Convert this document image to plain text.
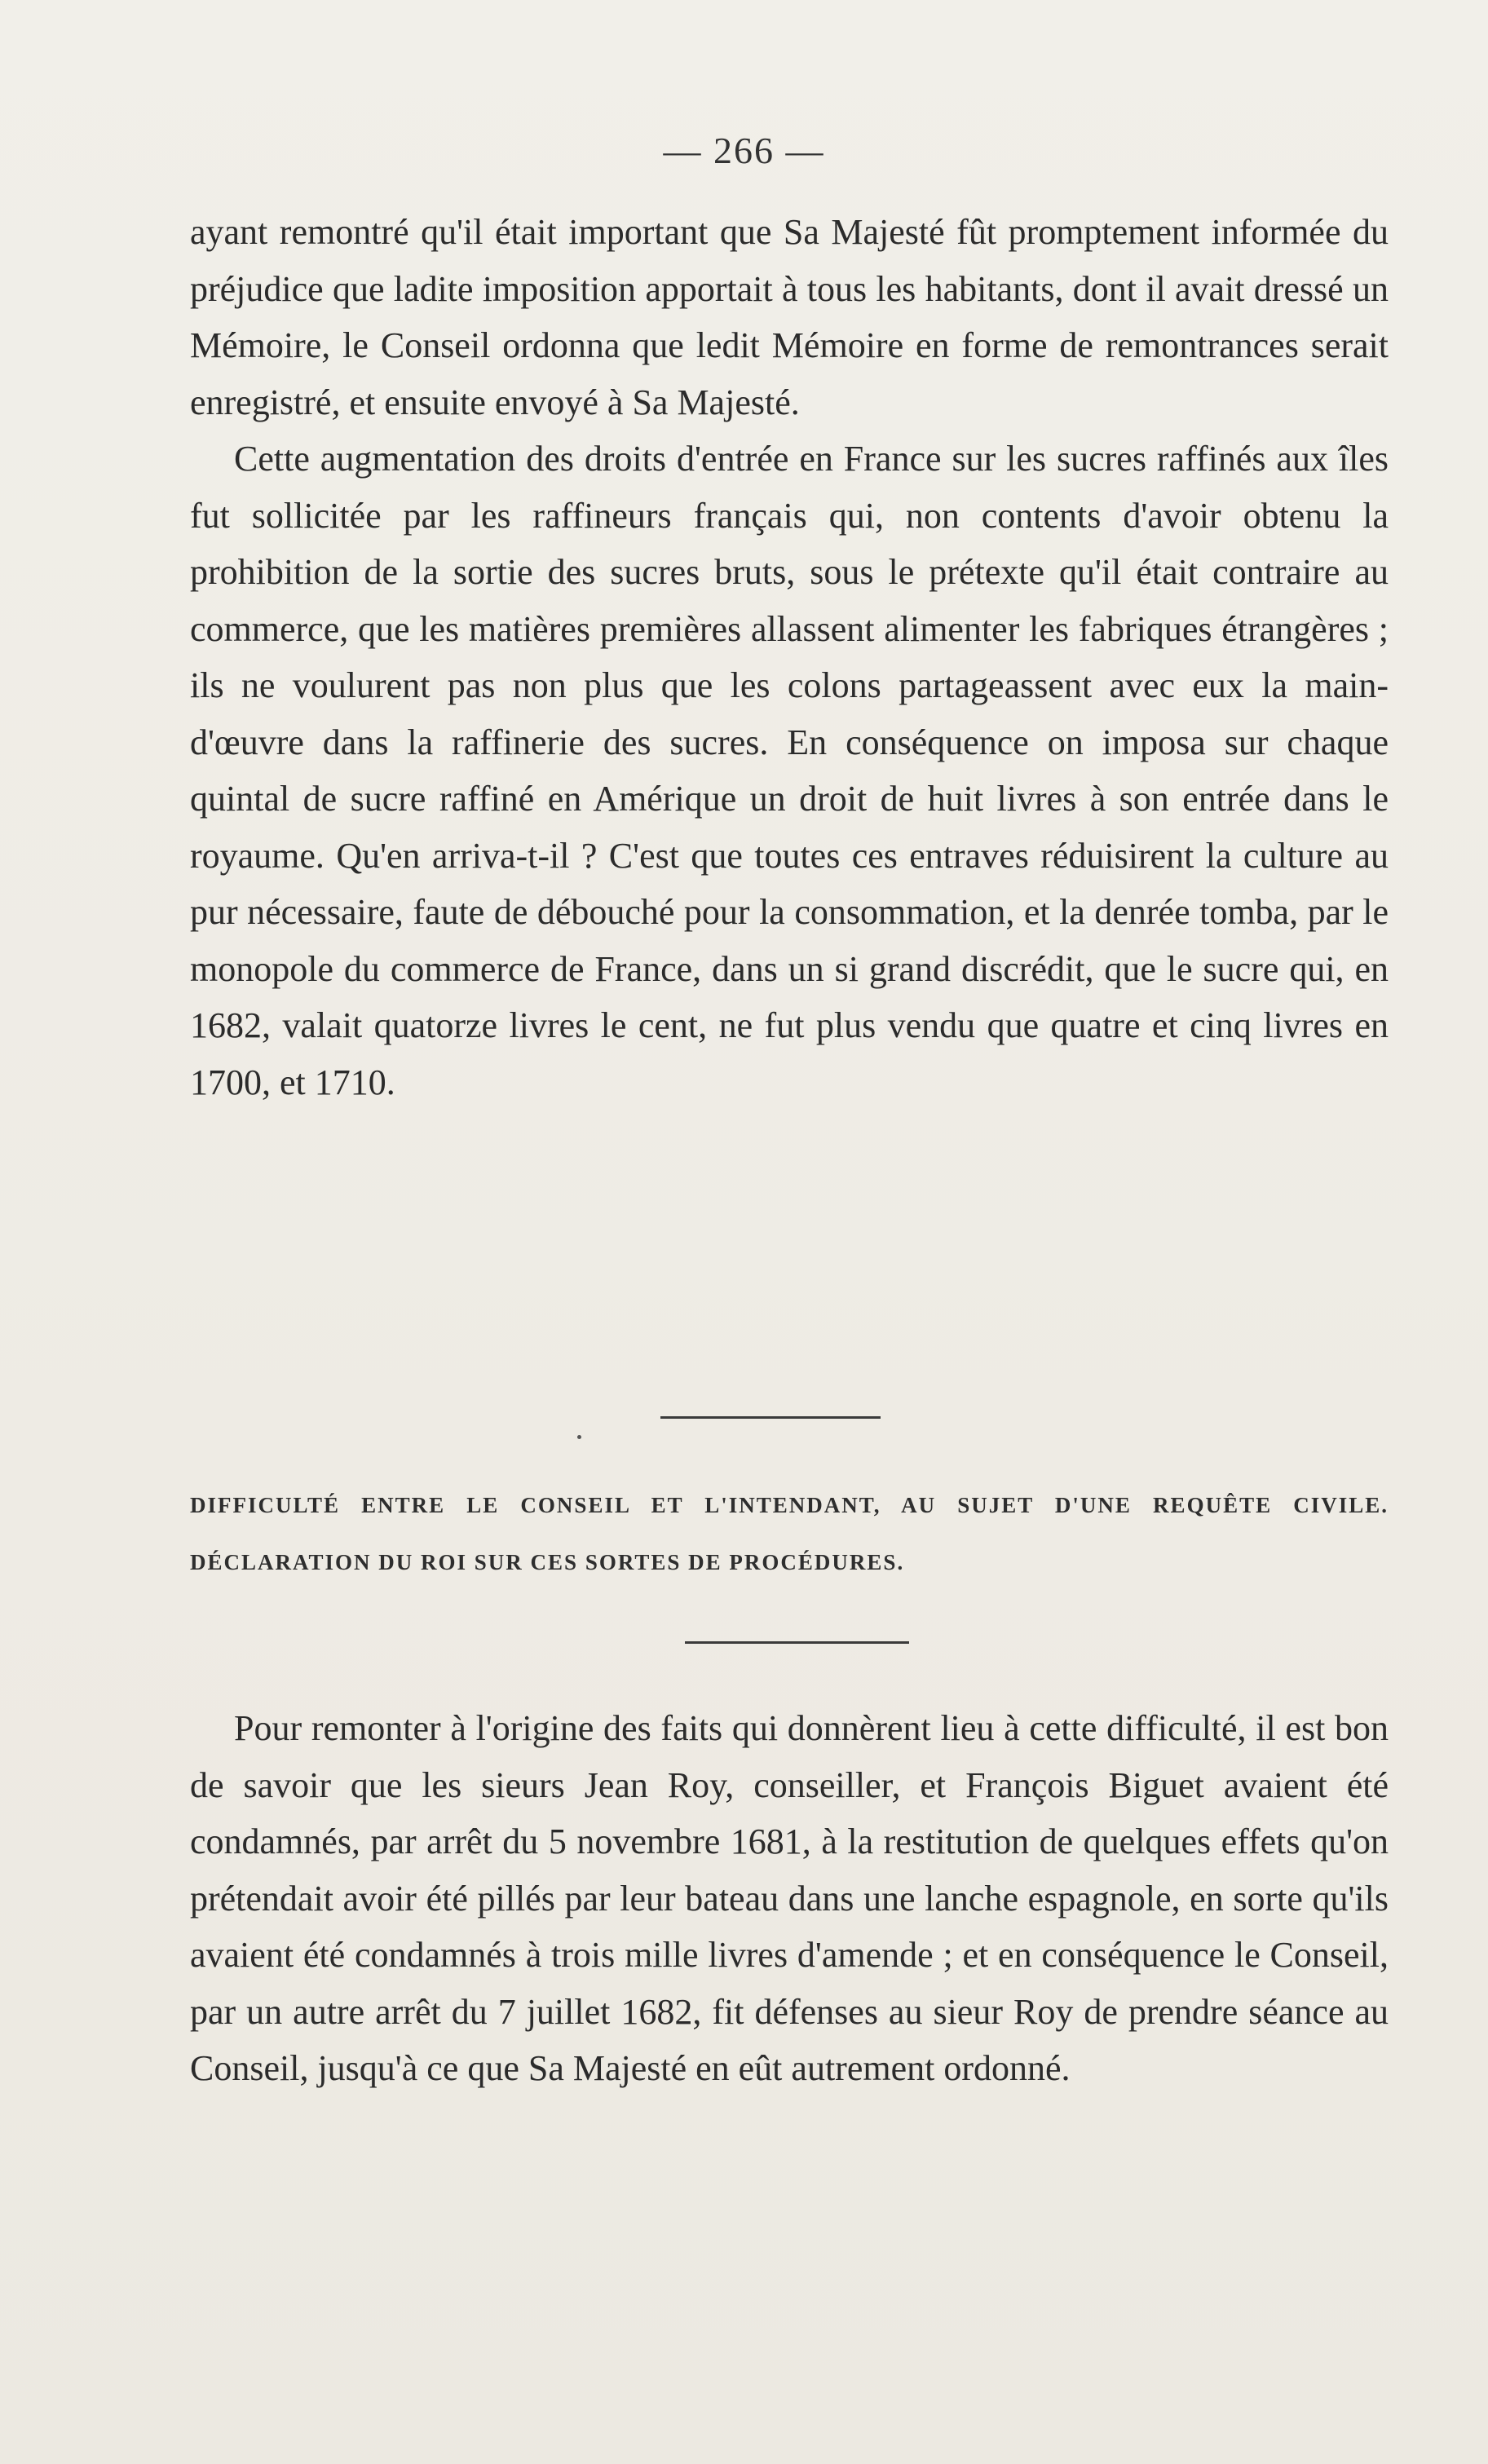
— 266 —

ayant remontré qu'il était important que Sa Majesté fût promptement informée du préjudice que ladite imposition apportait à tous les habitants, dont il avait dressé un Mémoire, le Conseil ordonna que ledit Mémoire en forme de remontrances serait enregistré, et ensuite envoyé à Sa Majesté.

Cette augmentation des droits d'entrée en France sur les sucres raffinés aux îles fut sollicitée par les raffineurs français qui, non contents d'avoir obtenu la prohibition de la sortie des sucres bruts, sous le prétexte qu'il était contraire au commerce, que les matières premières allassent alimenter les fabriques étrangères ; ils ne voulurent pas non plus que les colons partageassent avec eux la main-d'œuvre dans la raffinerie des sucres. En conséquence on imposa sur chaque quintal de sucre raffiné en Amérique un droit de huit livres à son entrée dans le royaume. Qu'en arriva-t-il ? C'est que toutes ces entraves réduisirent la culture au pur nécessaire, faute de débouché pour la consommation, et la denrée tomba, par le monopole du commerce de France, dans un si grand discrédit, que le sucre qui, en 1682, valait quatorze livres le cent, ne fut plus vendu que quatre et cinq livres en 1700, et 1710.

DIFFICULTÉ ENTRE LE CONSEIL ET L'INTENDANT, AU SUJET D'UNE REQUÊTE CIVILE. DÉCLARATION DU ROI SUR CES SORTES DE PROCÉDURES.

Pour remonter à l'origine des faits qui donnèrent lieu à cette difficulté, il est bon de savoir que les sieurs Jean Roy, conseiller, et François Biguet avaient été condamnés, par arrêt du 5 novembre 1681, à la restitution de quelques effets qu'on prétendait avoir été pillés par leur bateau dans une lanche espagnole, en sorte qu'ils avaient été condamnés à trois mille livres d'amende ; et en conséquence le Conseil, par un autre arrêt du 7 juillet 1682, fit défenses au sieur Roy de prendre séance au Conseil, jusqu'à ce que Sa Majesté en eût autrement ordonné.
